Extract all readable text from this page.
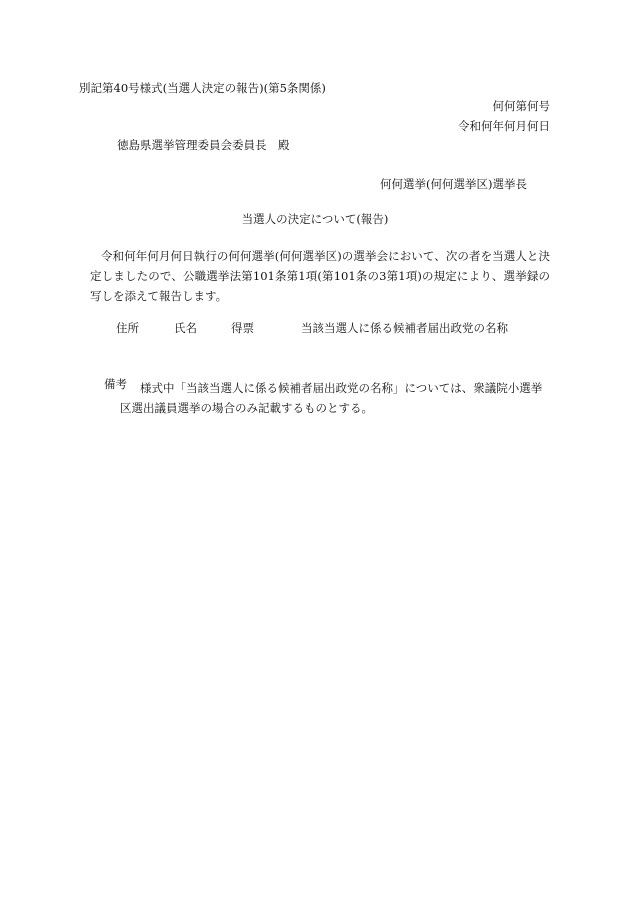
別記第40号様式(当選人決定の報告)(第5条関係)
何何第何号
令和何年何月何日
徳島県選挙管理委員会委員長　殿
何何選挙(何何選挙区)選挙長
当選人の決定について(報告)
令和何年何月何日執行の何何選挙(何何選挙区)の選挙会において、次の者を当選人と決定しましたので、公職選挙法第101条第1項(第101条の3第1項)の規定により、選挙録の写しを添えて報告します。
住所	氏名	得票	当該当選人に係る候補者届出政党の名称
備考 様式中「当該当選人に係る候補者届出政党の名称」については、衆議院小選挙
区選出議員選挙の場合のみ記載するものとする。
